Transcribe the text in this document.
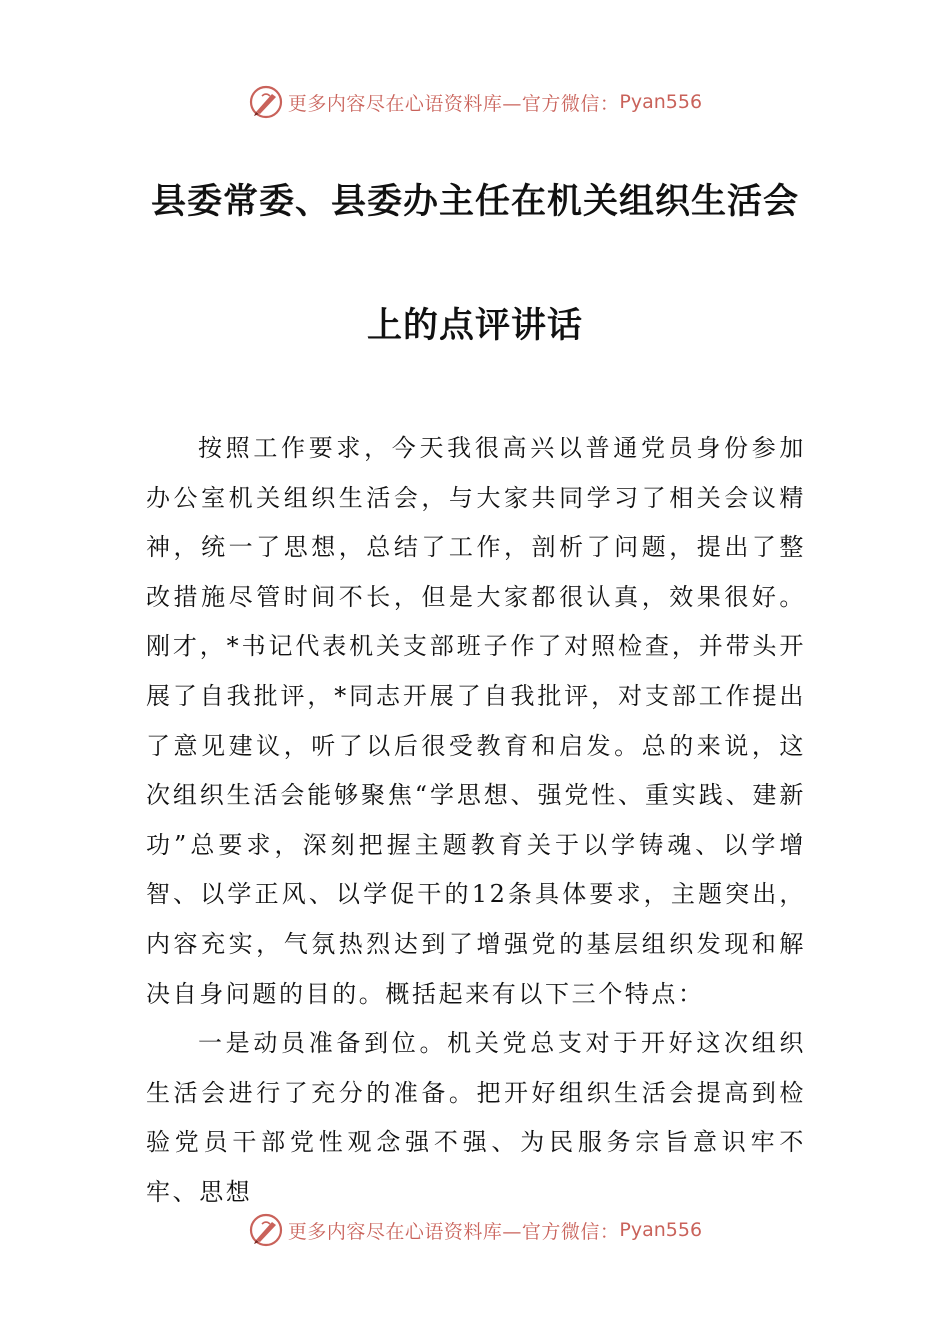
更多内容尽在心语资料库—官方微信： Pyan556
县委常委、县委办主任在机关组织生活会
上的点评讲话

按照工作要求，今天我很高兴以普通党员身份参加办公室机关组织生活会，与大家共同学习了相关会议精神，统一了思想，总结了工作，剖析了问题，提出了整改措施尽管时间不长，但是大家都很认真，效果很好。刚才，*书记代表机关支部班子作了对照检查，并带头开展了自我批评，*同志开展了自我批评，对支部工作提出了意见建议，听了以后很受教育和启发。总的来说，这次组织生活会能够聚焦“学思想、强党性、重实践、建新功”总要求，深刻把握主题教育关于以学铸魂、以学增智、以学正风、以学促干的12条具体要求，主题突出，内容充实，气氛热烈达到了增强党的基层组织发现和解决自身问题的目的。概括起来有以下三个特点：

一是动员准备到位。机关党总支对于开好这次组织生活会进行了充分的准备。把开好组织生活会提高到检验党员干部党性观念强不强、为民服务宗旨意识牢不牢、思想

更多内容尽在心语资料库—官方微信： Pyan556
